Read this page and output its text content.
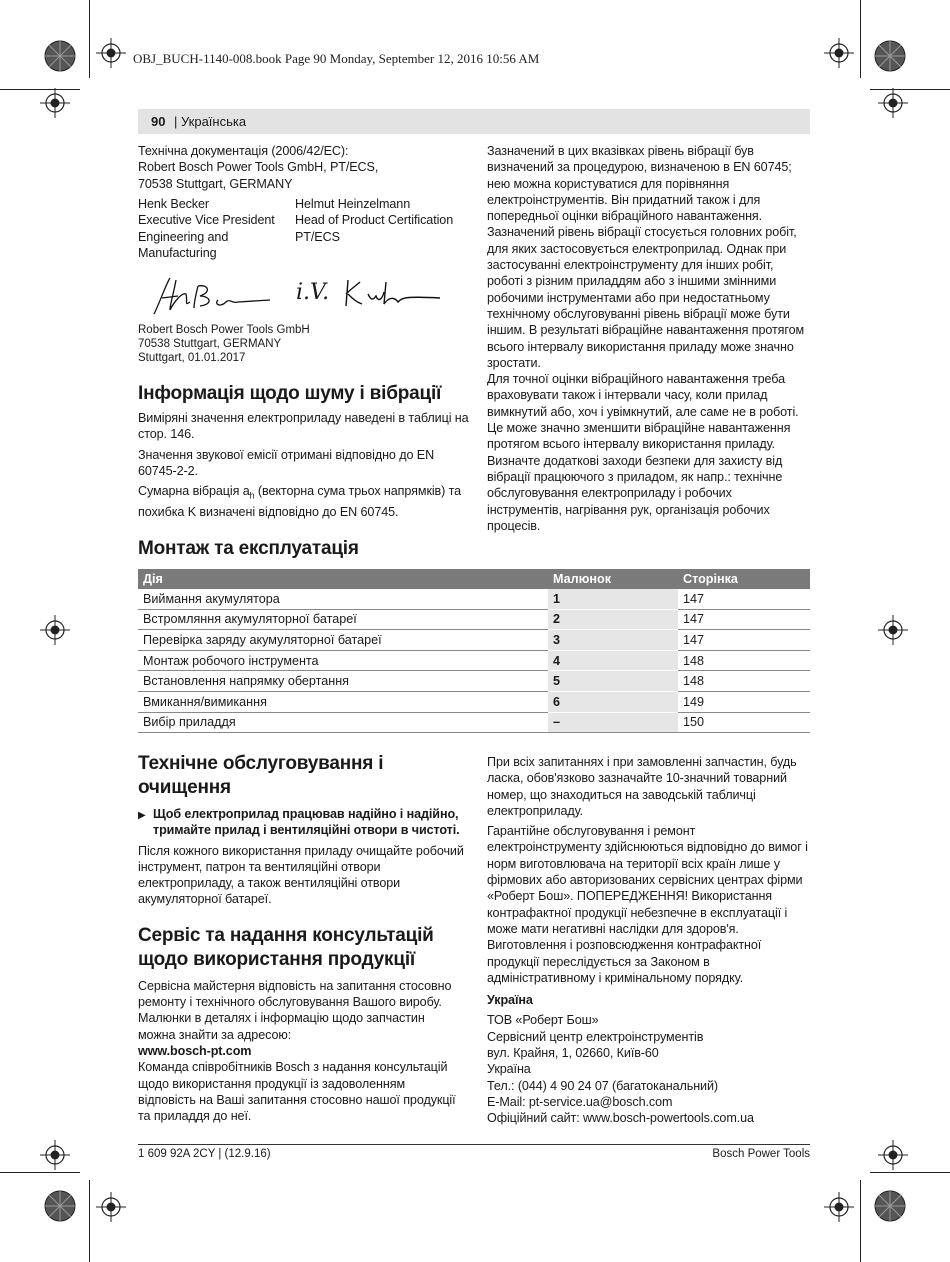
OBJ_BUCH-1140-008.book Page 90 Monday, September 12, 2016 10:56 AM
90 | Українська
Технічна документація (2006/42/EC):
Robert Bosch Power Tools GmbH, PT/ECS,
70538 Stuttgart, GERMANY
Henk Becker
Executive Vice President
Engineering and
Manufacturing
Helmut Heinzelmann
Head of Product Certification
PT/ECS
i.V.
Robert Bosch Power Tools GmbH
70538 Stuttgart, GERMANY
Stuttgart, 01.01.2017
Інформація щодо шуму і вібрації

Виміряні значення електроприладу наведені в таблиці на стор. 146.

Значення звукової емісії отримані відповідно до EN 60745-2-2.

Сумарна вібрація $a_h$ (векторна сума трьох напрямків) та похибка K визначені відповідно до EN 60745.

Зазначений в цих вказівках рівень вібрації був визначений за процедурою, визначеною в EN 60745; нею можна користуватися для порівняння електроінструментів. Він придатний також і для попередньої оцінки вібраційного навантаження.

Зазначений рівень вібрації стосується головних робіт, для яких застосовується електроприлад. Однак при застосуванні електроінструменту для інших робіт, роботі з різним приладдям або з іншими змінними робочими інструментами або при недостатньому технічному обслуговуванні рівень вібрації може бути іншим. В результаті вібраційне навантаження протягом всього інтервалу використання приладу може значно зростати.

Для точної оцінки вібраційного навантаження треба враховувати також і інтервали часу, коли прилад вимкнутий або, хоч і увімкнутий, але саме не в роботі. Це може значно зменшити вібраційне навантаження протягом всього інтервалу використання приладу.

Визначте додаткові заходи безпеки для захисту від вібрації працюючого з приладом, як напр.: технічне обслуговування електроприладу і робочих інструментів, нагрівання рук, організація робочих процесів.

Монтаж та експлуатація
Дія	Малюнок	Сторінка
Виймання акумулятора	1	147
Встромляння акумуляторної батареї	2	147
Перевірка заряду акумуляторної батареї	3	147
Монтаж робочого інструмента	4	148
Встановлення напрямку обертання	5	148
Вмикання/вимикання	6	149
Вибір приладдя	–	150
Технічне обслуговування і очищення
▶ Щоб електроприлад працював надійно і надійно, тримайте прилад і вентиляційні отвори в чистоті.

Після кожного використання приладу очищайте робочий інструмент, патрон та вентиляційні отвори електроприладу, а також вентиляційні отвори акумуляторної батареї.

Сервіс та надання консультацій щодо використання продукції

Сервісна майстерня відповість на запитання стосовно ремонту і технічного обслуговування Вашого виробу. Малюнки в деталях і інформацію щодо запчастин можна знайти за адресою:

www.bosch-pt.com

Команда співробітників Bosch з надання консультацій щодо використання продукції із задоволенням відповість на Ваші запитання стосовно нашої продукції та приладдя до неї.

При всіх запитаннях і при замовленні запчастин, будь ласка, обов'язково зазначайте 10-значний товарний номер, що знаходиться на заводській табличці електроприладу.

Гарантійне обслуговування і ремонт електроінструменту здійснюються відповідно до вимог і норм виготовлювача на території всіх країн лише у фірмових або авторизованих сервісних центрах фірми «Роберт Бош». ПОПЕРЕДЖЕННЯ! Використання контрафактної продукції небезпечне в експлуатації і може мати негативні наслідки для здоров'я. Виготовлення і розповсюдження контрафактної продукції переслідується за Законом в адміністративному і кримінальному порядку.

Україна

ТОВ «Роберт Бош»
Сервісний центр електроінструментів
вул. Крайня, 1, 02660, Київ-60
Україна
Тел.: (044) 4 90 24 07 (багатоканальний)
E-Mail: pt-service.ua@bosch.com
Офіційний сайт: www.bosch-powertools.com.ua
1 609 92A 2CY | (12.9.16)	Bosch Power Tools
